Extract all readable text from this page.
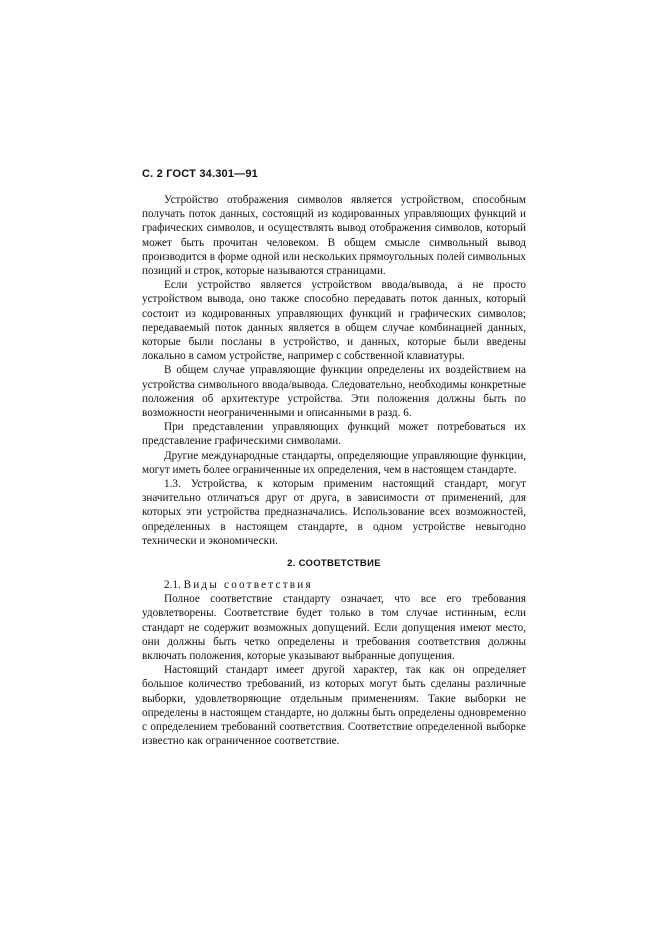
С. 2 ГОСТ 34.301—91

Устройство отображения символов является устройством, способным получать поток данных, состоящий из кодированных управляющих функций и графических символов, и осуществлять вывод отображения символов, который может быть прочитан человеком. В общем смысле символьный вывод производится в форме одной или нескольких прямоугольных полей символьных позиций и строк, которые называются страницами.

Если устройство является устройством ввода/вывода, а не просто устройством вывода, оно также способно передавать поток данных, который состоит из кодированных управляющих функций и графических символов; передаваемый поток данных является в общем случае комбинацией данных, которые были посланы в устройство, и данных, которые были введены локально в самом устройстве, например с собственной клавиатуры.

В общем случае управляющие функции определены их воздействием на устройства символьного ввода/вывода. Следовательно, необходимы конкретные положения об архитектуре устройства. Эти положения должны быть по возможности неограниченными и описанными в разд. 6.

При представлении управляющих функций может потребоваться их представление графическими символами.

Другие международные стандарты, определяющие управляющие функции, могут иметь более ограниченные их определения, чем в настоящем стандарте.

1.3. Устройства, к которым применим настоящий стандарт, могут значительно отличаться друг от друга, в зависимости от применений, для которых эти устройства предназначались. Использование всех возможностей, определенных в настоящем стандарте, в одном устройстве невыгодно технически и экономически.

2. СООТВЕТСТВИЕ

2.1. Виды соответствия

Полное соответствие стандарту означает, что все его требования удовлетворены. Соответствие будет только в том случае истинным, если стандарт не содержит возможных допущений. Если допущения имеют место, они должны быть четко определены и требования соответствия должны включать положения, которые указывают выбранные допущения.

Настоящий стандарт имеет другой характер, так как он определяет большое количество требований, из которых могут быть сделаны различные выборки, удовлетворяющие отдельным применениям. Такие выборки не определены в настоящем стандарте, но должны быть определены одновременно с определением требований соответствия. Соответствие определенной выборке известно как ограниченное соответствие.
